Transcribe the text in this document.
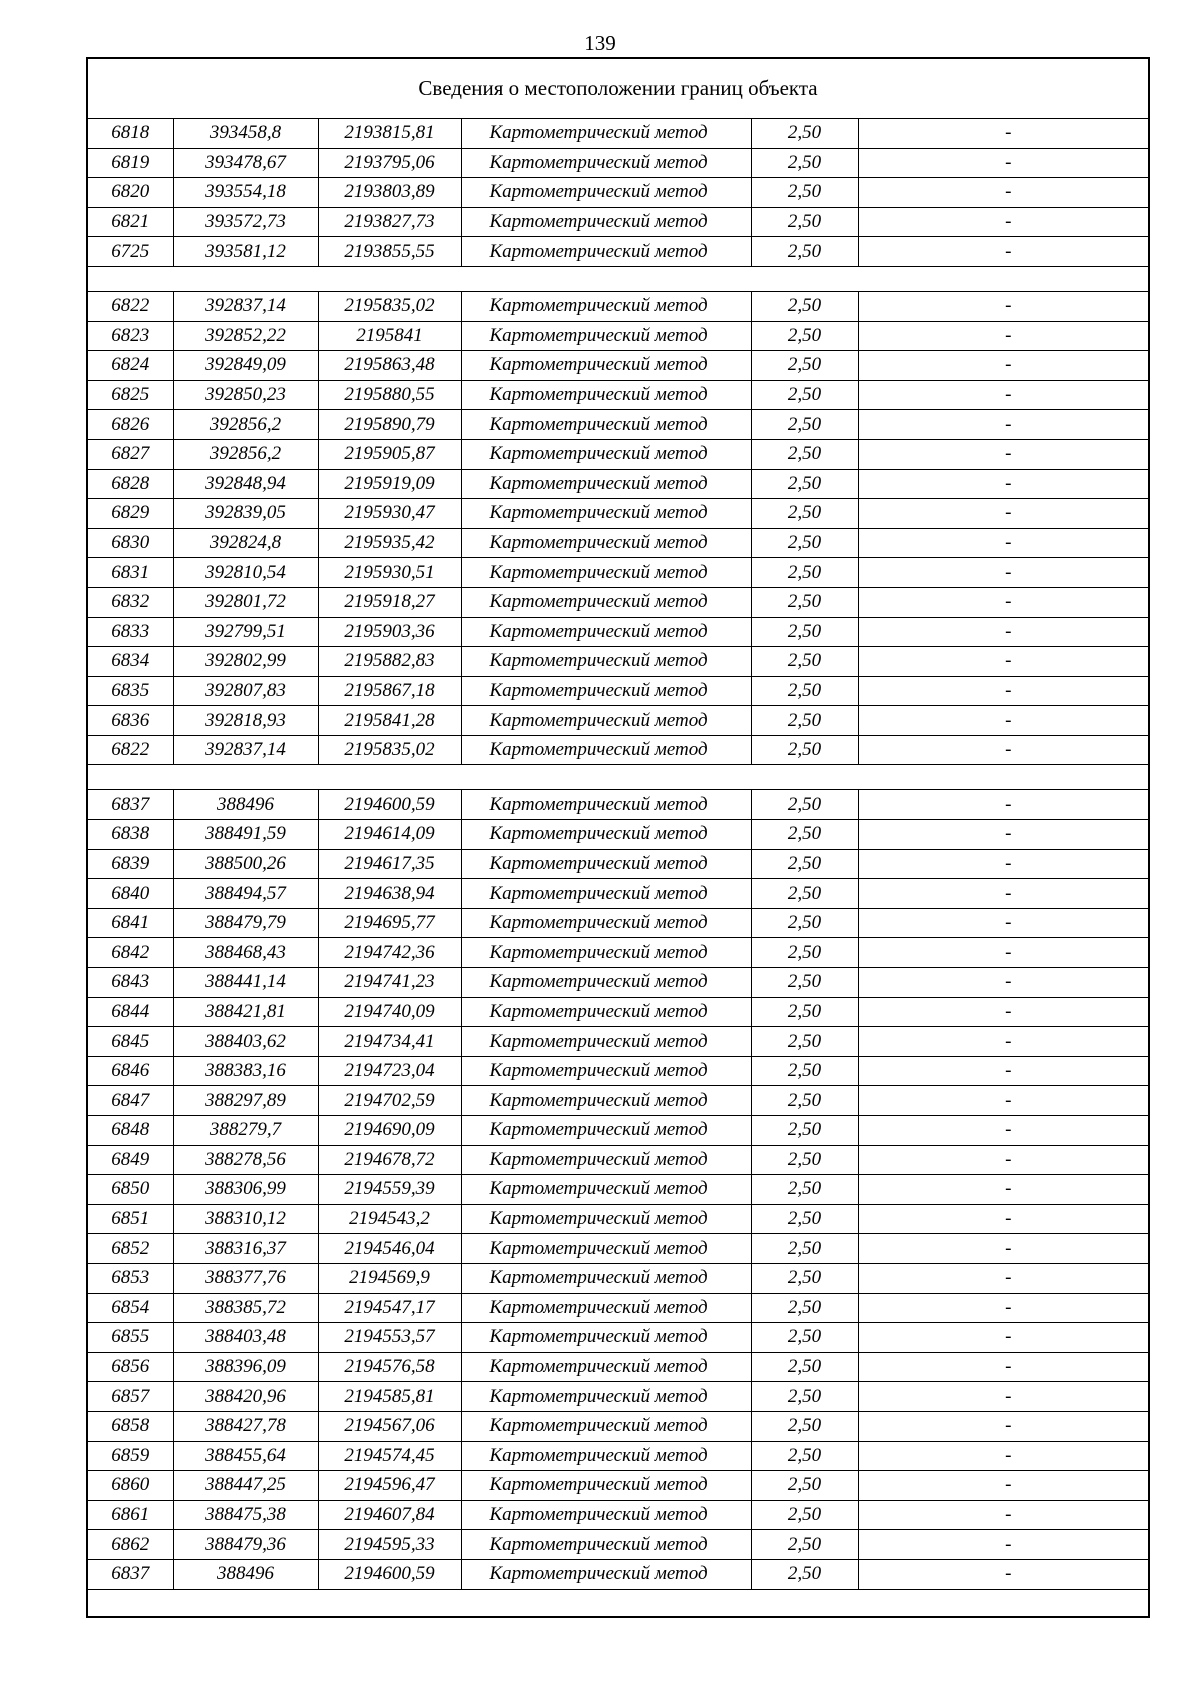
139
Сведения о местоположении границ объекта					
6818	393458,8	2193815,81	Картометрический метод	2,50	-
6819	393478,67	2193795,06	Картометрический метод	2,50	-
6820	393554,18	2193803,89	Картометрический метод	2,50	-
6821	393572,73	2193827,73	Картометрический метод	2,50	-
6725	393581,12	2193855,55	Картометрический метод	2,50	-

6822	392837,14	2195835,02	Картометрический метод	2,50	-
6823	392852,22	2195841	Картометрический метод	2,50	-
6824	392849,09	2195863,48	Картометрический метод	2,50	-
6825	392850,23	2195880,55	Картометрический метод	2,50	-
6826	392856,2	2195890,79	Картометрический метод	2,50	-
6827	392856,2	2195905,87	Картометрический метод	2,50	-
6828	392848,94	2195919,09	Картометрический метод	2,50	-
6829	392839,05	2195930,47	Картометрический метод	2,50	-
6830	392824,8	2195935,42	Картометрический метод	2,50	-
6831	392810,54	2195930,51	Картометрический метод	2,50	-
6832	392801,72	2195918,27	Картометрический метод	2,50	-
6833	392799,51	2195903,36	Картометрический метод	2,50	-
6834	392802,99	2195882,83	Картометрический метод	2,50	-
6835	392807,83	2195867,18	Картометрический метод	2,50	-
6836	392818,93	2195841,28	Картометрический метод	2,50	-
6822	392837,14	2195835,02	Картометрический метод	2,50	-

6837	388496	2194600,59	Картометрический метод	2,50	-
6838	388491,59	2194614,09	Картометрический метод	2,50	-
6839	388500,26	2194617,35	Картометрический метод	2,50	-
6840	388494,57	2194638,94	Картометрический метод	2,50	-
6841	388479,79	2194695,77	Картометрический метод	2,50	-
6842	388468,43	2194742,36	Картометрический метод	2,50	-
6843	388441,14	2194741,23	Картометрический метод	2,50	-
6844	388421,81	2194740,09	Картометрический метод	2,50	-
6845	388403,62	2194734,41	Картометрический метод	2,50	-
6846	388383,16	2194723,04	Картометрический метод	2,50	-
6847	388297,89	2194702,59	Картометрический метод	2,50	-
6848	388279,7	2194690,09	Картометрический метод	2,50	-
6849	388278,56	2194678,72	Картометрический метод	2,50	-
6850	388306,99	2194559,39	Картометрический метод	2,50	-
6851	388310,12	2194543,2	Картометрический метод	2,50	-
6852	388316,37	2194546,04	Картометрический метод	2,50	-
6853	388377,76	2194569,9	Картометрический метод	2,50	-
6854	388385,72	2194547,17	Картометрический метод	2,50	-
6855	388403,48	2194553,57	Картометрический метод	2,50	-
6856	388396,09	2194576,58	Картометрический метод	2,50	-
6857	388420,96	2194585,81	Картометрический метод	2,50	-
6858	388427,78	2194567,06	Картометрический метод	2,50	-
6859	388455,64	2194574,45	Картометрический метод	2,50	-
6860	388447,25	2194596,47	Картометрический метод	2,50	-
6861	388475,38	2194607,84	Картометрический метод	2,50	-
6862	388479,36	2194595,33	Картометрический метод	2,50	-
6837	388496	2194600,59	Картометрический метод	2,50	-
